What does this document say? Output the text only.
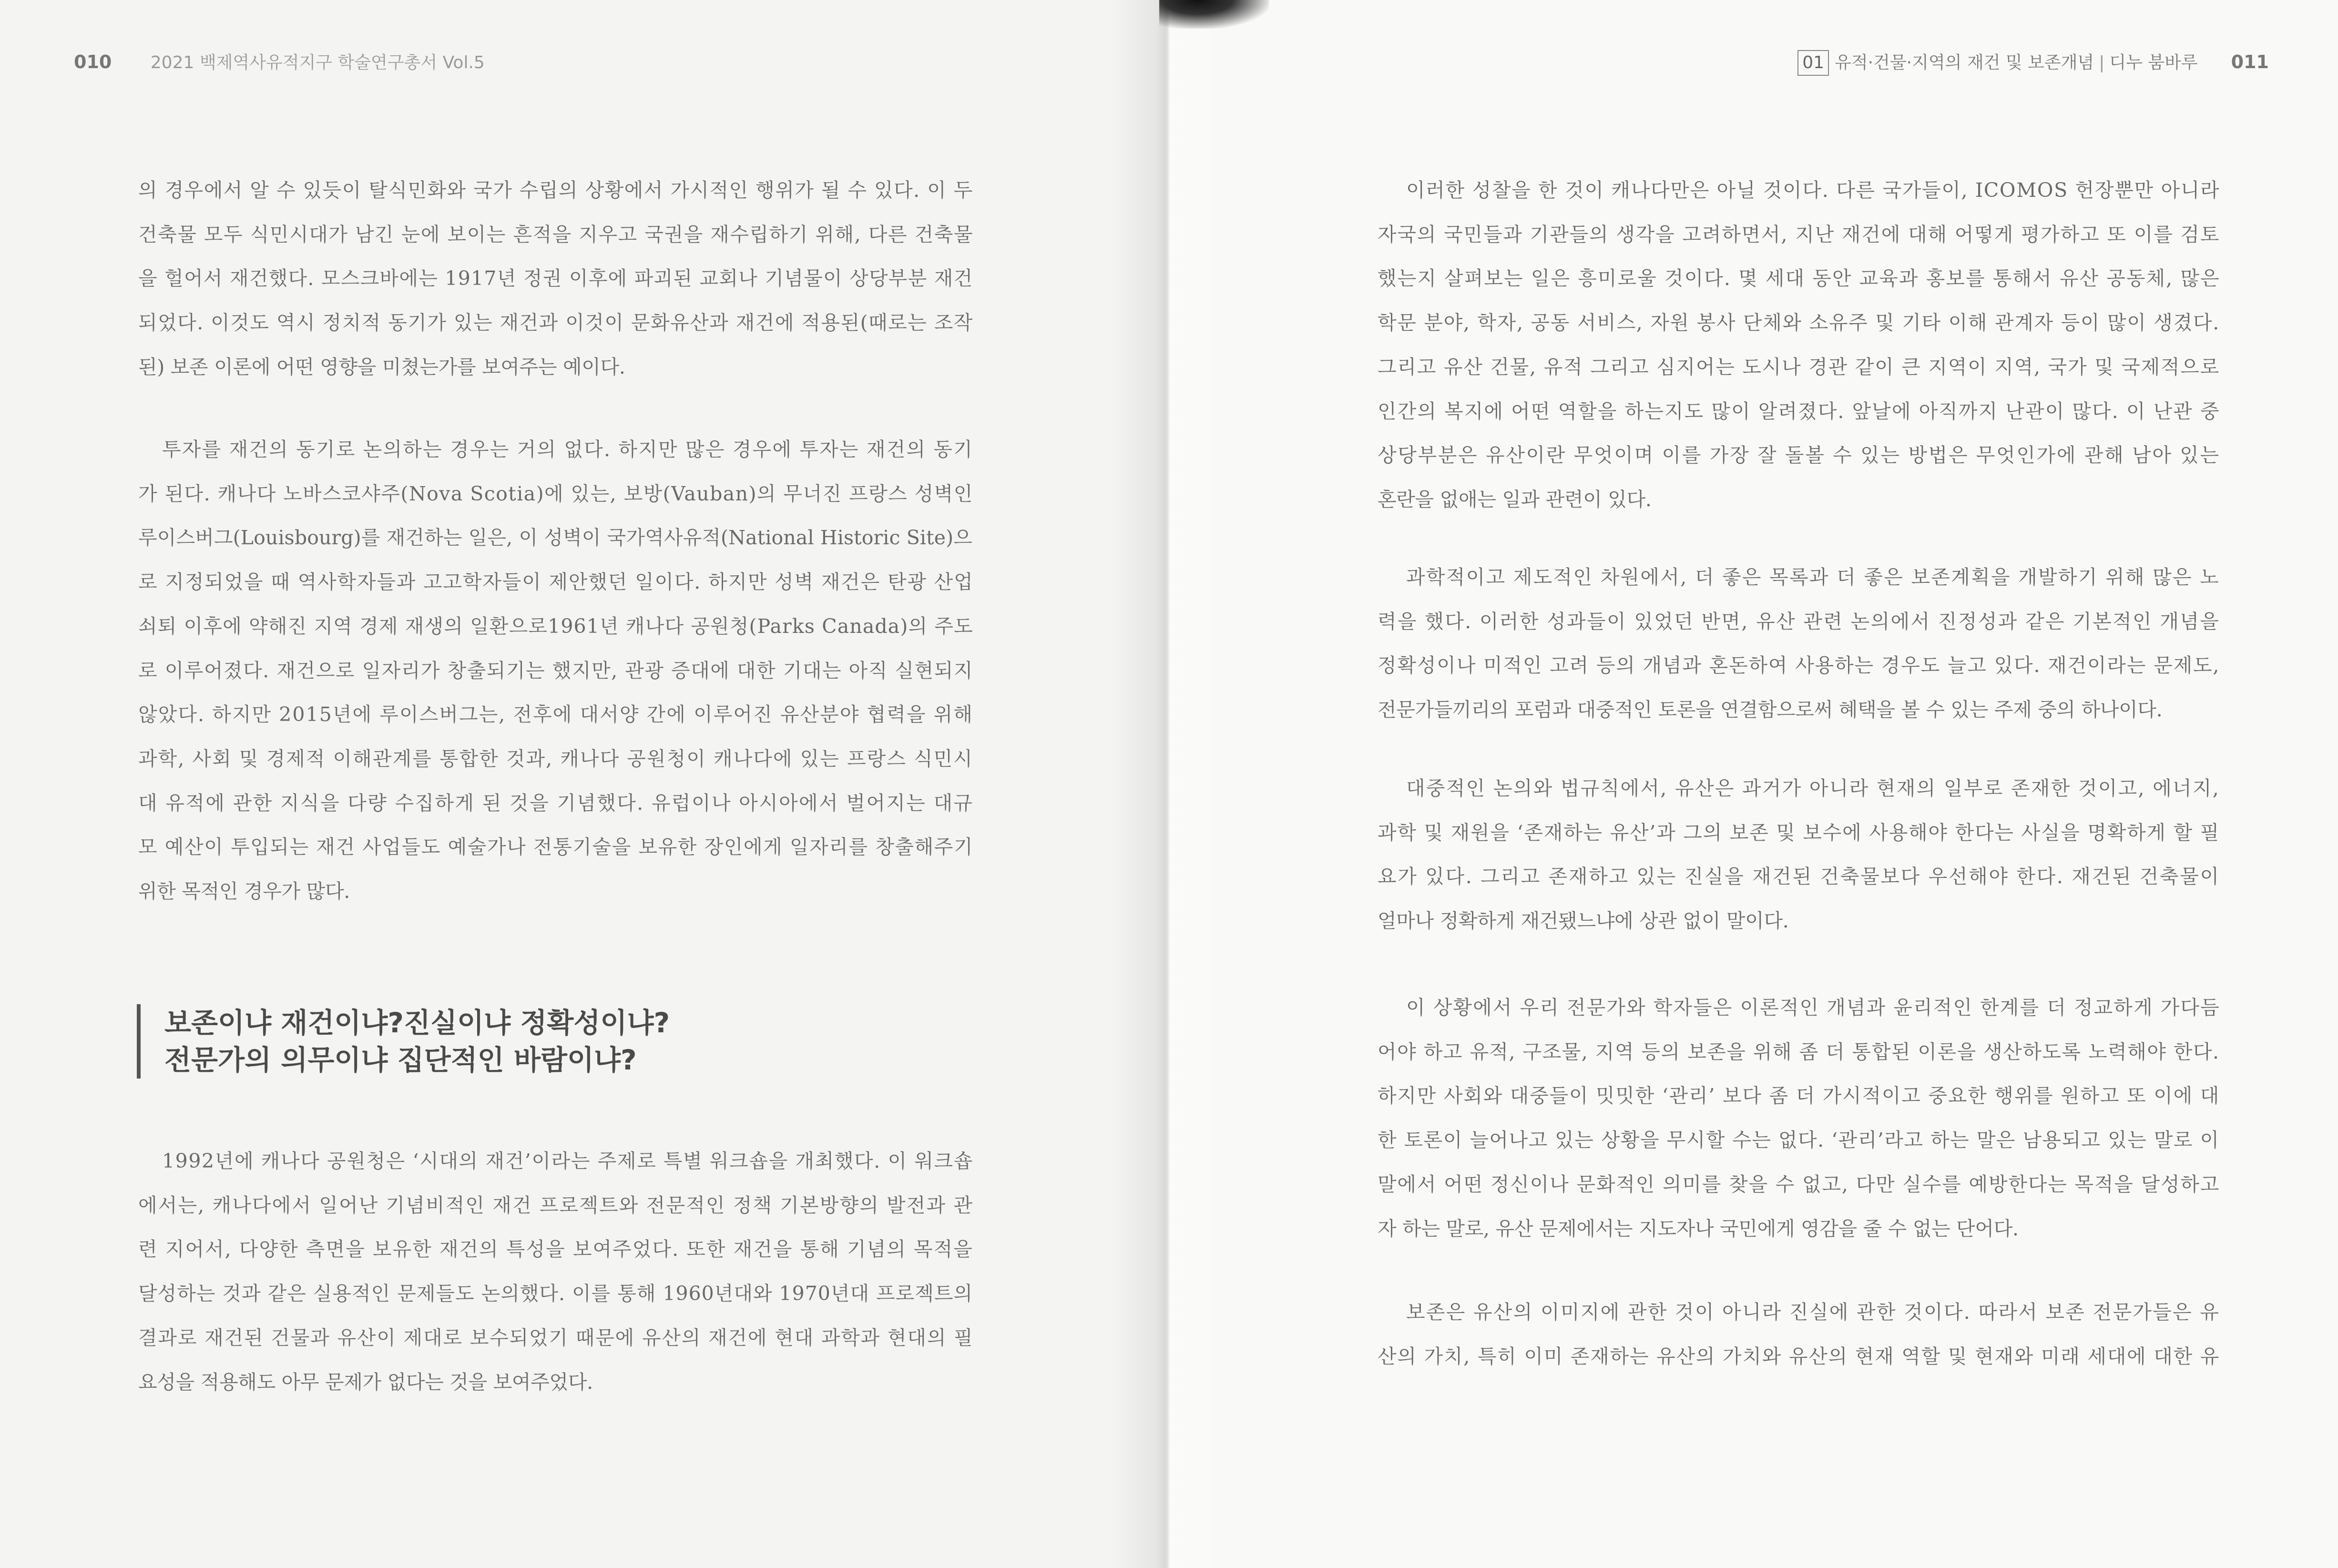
010 2021 백제역사유적지구 학술연구총서 Vol.5	01 유적·건물·지역의 재건 및 보존개념 | 디누 붐바루 011

의 경우에서 알 수 있듯이 탈식민화와 국가 수립의 상황에서 가시적인 행위가 될 수 있다. 이 두
건축물 모두 식민시대가 남긴 눈에 보이는 흔적을 지우고 국권을 재수립하기 위해, 다른 건축물
을 헐어서 재건했다. 모스크바에는 1917년 정권 이후에 파괴된 교회나 기념물이 상당부분 재건
되었다. 이것도 역시 정치적 동기가 있는 재건과 이것이 문화유산과 재건에 적용된(때로는 조작
된) 보존 이론에 어떤 영향을 미쳤는가를 보여주는 예이다.

투자를 재건의 동기로 논의하는 경우는 거의 없다. 하지만 많은 경우에 투자는 재건의 동기
가 된다. 캐나다 노바스코샤주(Nova Scotia)에 있는, 보방(Vauban)의 무너진 프랑스 성벽인
루이스버그(Louisbourg)를 재건하는 일은, 이 성벽이 국가역사유적(National Historic Site)으
로 지정되었을 때 역사학자들과 고고학자들이 제안했던 일이다. 하지만 성벽 재건은 탄광 산업
쇠퇴 이후에 약해진 지역 경제 재생의 일환으로1961년 캐나다 공원청(Parks Canada)의 주도
로 이루어졌다. 재건으로 일자리가 창출되기는 했지만, 관광 증대에 대한 기대는 아직 실현되지
않았다. 하지만 2015년에 루이스버그는, 전후에 대서양 간에 이루어진 유산분야 협력을 위해
과학, 사회 및 경제적 이해관계를 통합한 것과, 캐나다 공원청이 캐나다에 있는 프랑스 식민시
대 유적에 관한 지식을 다량 수집하게 된 것을 기념했다. 유럽이나 아시아에서 벌어지는 대규
모 예산이 투입되는 재건 사업들도 예술가나 전통기술을 보유한 장인에게 일자리를 창출해주기
위한 목적인 경우가 많다.

보존이냐 재건이냐?진실이냐 정확성이냐?
전문가의 의무이냐 집단적인 바람이냐?

1992년에 캐나다 공원청은 ‘시대의 재건’이라는 주제로 특별 워크숍을 개최했다. 이 워크숍
에서는, 캐나다에서 일어난 기념비적인 재건 프로젝트와 전문적인 정책 기본방향의 발전과 관
련 지어서, 다양한 측면을 보유한 재건의 특성을 보여주었다. 또한 재건을 통해 기념의 목적을
달성하는 것과 같은 실용적인 문제들도 논의했다. 이를 통해 1960년대와 1970년대 프로젝트의
결과로 재건된 건물과 유산이 제대로 보수되었기 때문에 유산의 재건에 현대 과학과 현대의 필
요성을 적용해도 아무 문제가 없다는 것을 보여주었다.

이러한 성찰을 한 것이 캐나다만은 아닐 것이다. 다른 국가들이, ICOMOS 헌장뿐만 아니라
자국의 국민들과 기관들의 생각을 고려하면서, 지난 재건에 대해 어떻게 평가하고 또 이를 검토
했는지 살펴보는 일은 흥미로울 것이다. 몇 세대 동안 교육과 홍보를 통해서 유산 공동체, 많은
학문 분야, 학자, 공동 서비스, 자원 봉사 단체와 소유주 및 기타 이해 관계자 등이 많이 생겼다.
그리고 유산 건물, 유적 그리고 심지어는 도시나 경관 같이 큰 지역이 지역, 국가 및 국제적으로
인간의 복지에 어떤 역할을 하는지도 많이 알려졌다. 앞날에 아직까지 난관이 많다. 이 난관 중
상당부분은 유산이란 무엇이며 이를 가장 잘 돌볼 수 있는 방법은 무엇인가에 관해 남아 있는
혼란을 없애는 일과 관련이 있다.

과학적이고 제도적인 차원에서, 더 좋은 목록과 더 좋은 보존계획을 개발하기 위해 많은 노
력을 했다. 이러한 성과들이 있었던 반면, 유산 관련 논의에서 진정성과 같은 기본적인 개념을
정확성이나 미적인 고려 등의 개념과 혼돈하여 사용하는 경우도 늘고 있다. 재건이라는 문제도,
전문가들끼리의 포럼과 대중적인 토론을 연결함으로써 혜택을 볼 수 있는 주제 중의 하나이다.

대중적인 논의와 법규칙에서, 유산은 과거가 아니라 현재의 일부로 존재한 것이고, 에너지,
과학 및 재원을 ‘존재하는 유산’과 그의 보존 및 보수에 사용해야 한다는 사실을 명확하게 할 필
요가 있다. 그리고 존재하고 있는 진실을 재건된 건축물보다 우선해야 한다. 재건된 건축물이
얼마나 정확하게 재건됐느냐에 상관 없이 말이다.

이 상황에서 우리 전문가와 학자들은 이론적인 개념과 윤리적인 한계를 더 정교하게 가다듬
어야 하고 유적, 구조물, 지역 등의 보존을 위해 좀 더 통합된 이론을 생산하도록 노력해야 한다.
하지만 사회와 대중들이 밋밋한 ‘관리’ 보다 좀 더 가시적이고 중요한 행위를 원하고 또 이에 대
한 토론이 늘어나고 있는 상황을 무시할 수는 없다. ‘관리’라고 하는 말은 남용되고 있는 말로 이
말에서 어떤 정신이나 문화적인 의미를 찾을 수 없고, 다만 실수를 예방한다는 목적을 달성하고
자 하는 말로, 유산 문제에서는 지도자나 국민에게 영감을 줄 수 없는 단어다.

보존은 유산의 이미지에 관한 것이 아니라 진실에 관한 것이다. 따라서 보존 전문가들은 유
산의 가치, 특히 이미 존재하는 유산의 가치와 유산의 현재 역할 및 현재와 미래 세대에 대한 유
